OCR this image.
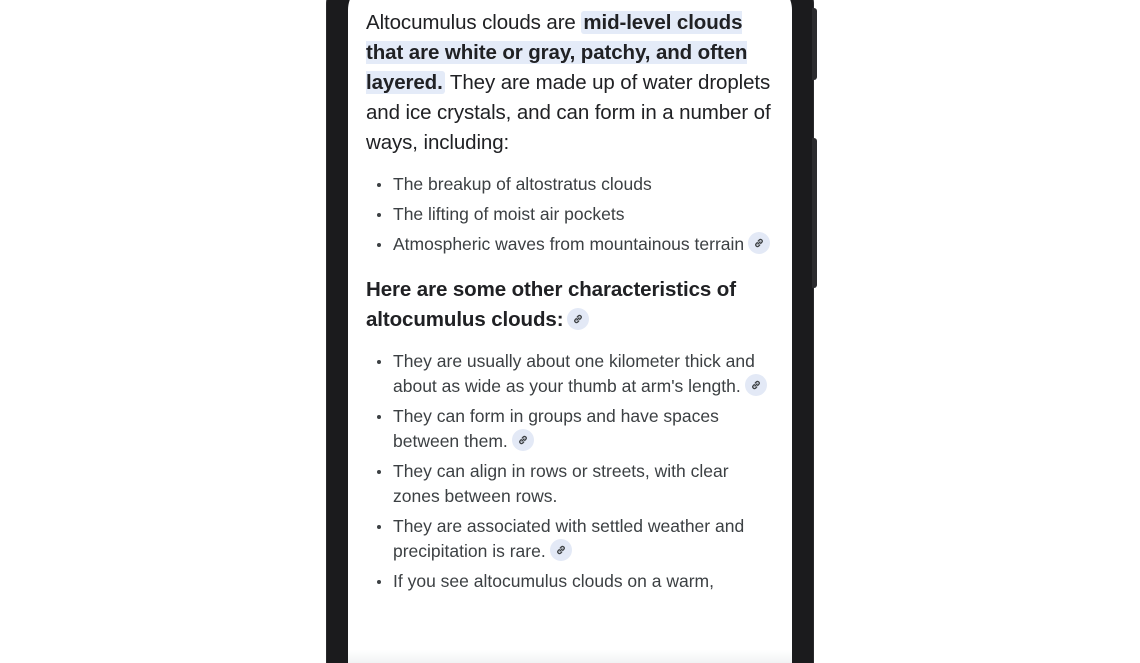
Altocumulus clouds are mid-level clouds that are white or gray, patchy, and often layered. They are made up of water droplets and ice crystals, and can form in a number of ways, including:

The breakup of altostratus clouds
The lifting of moist air pockets
Atmospheric waves from mountainous terrain

Here are some other characteristics of altocumulus clouds:

They are usually about one kilometer thick and about as wide as your thumb at arm's length.
They can form in groups and have spaces between them.
They can align in rows or streets, with clear zones between rows.
They are associated with settled weather and precipitation is rare.
If you see altocumulus clouds on a warm,
